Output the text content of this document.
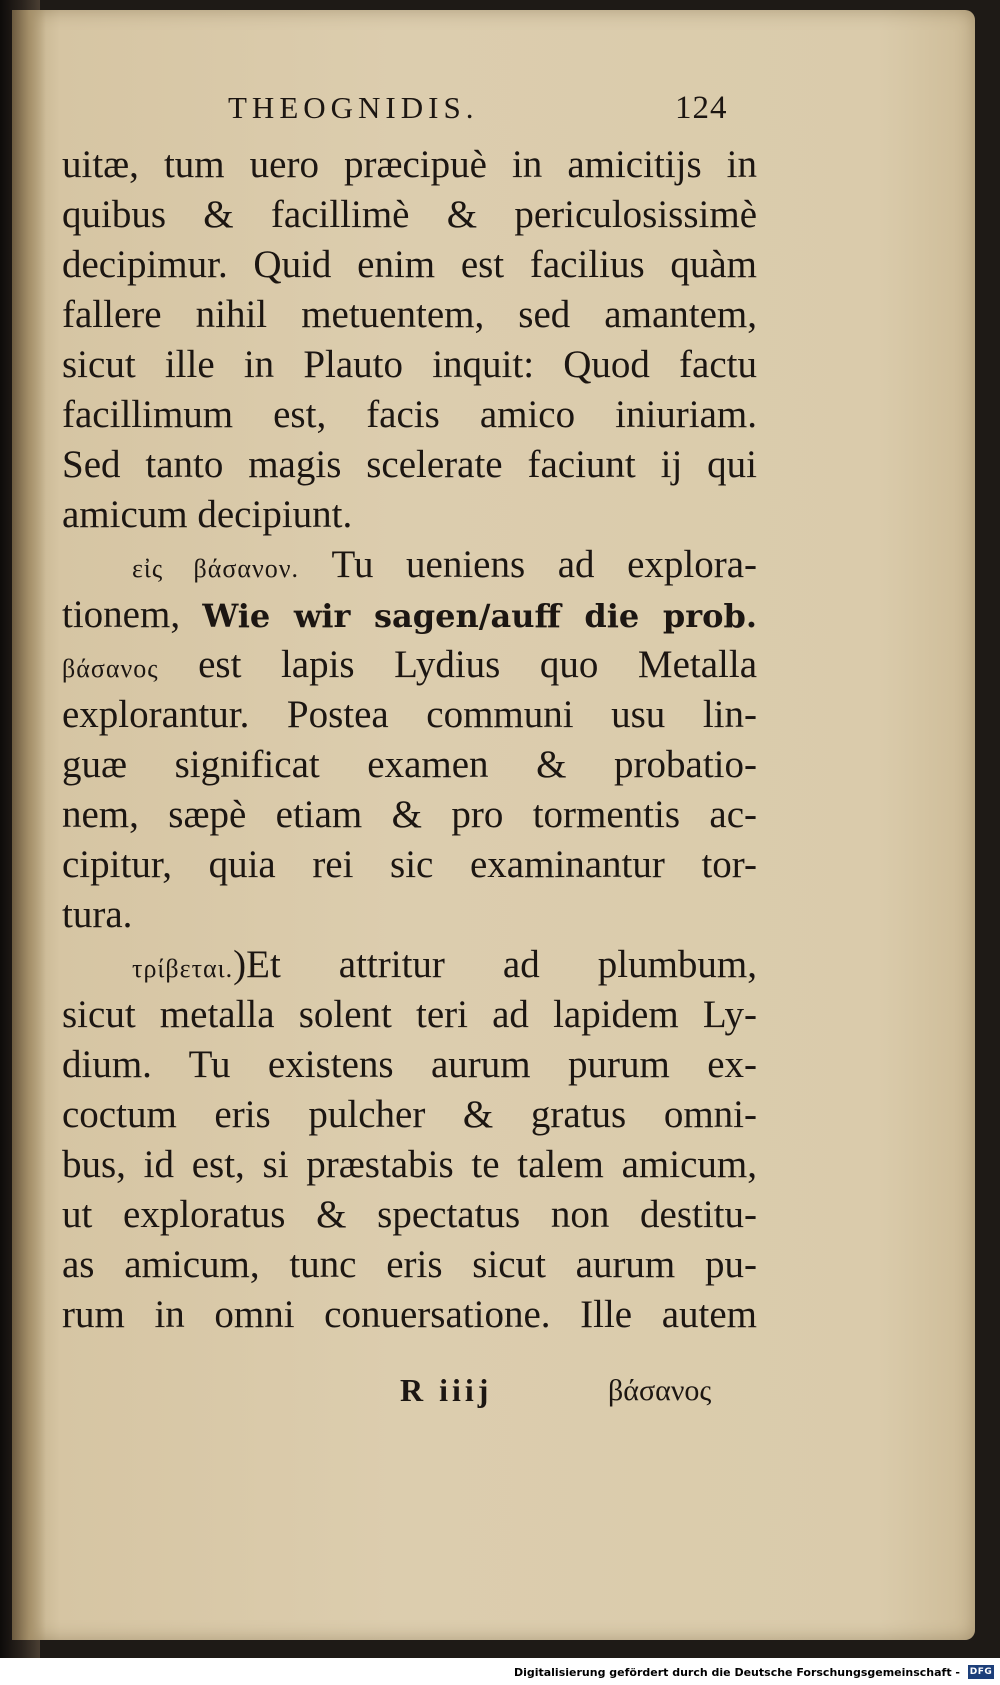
THEOGNIDIS.	124
uitæ, tum uero præcipuè in amicitijs in
quibus & facillimè & periculosissimè
decipimur. Quid enim est facilius quàm
fallere nihil metuentem, sed amantem,
sicut ille in Plauto inquit: Quod factu
facillimum est, facis amico iniuriam.
Sed tanto magis scelerate faciunt ij qui
amicum decipiunt.
εἰς βάσανον. Tu ueniens ad explora-
tionem, Wie wir sagen/auff die prob.
βάσανος est lapis Lydius quo Metalla
explorantur. Postea communi usu lin-
guæ significat examen & probatio-
nem, sæpè etiam & pro tormentis ac-
cipitur, quia rei sic examinantur tor-
tura.
τρίβεται.)Et attritur ad plumbum,
sicut metalla solent teri ad lapidem Ly-
dium. Tu existens aurum purum ex-
coctum eris pulcher & gratus omni-
bus, id est, si præstabis te talem amicum,
ut exploratus & spectatus non destitu-
as amicum, tunc eris sicut aurum pu-
rum in omni conuersatione. Ille autem
R iiij	βάσανος
Digitalisierung gefördert durch die Deutsche Forschungsgemeinschaft - DFG
